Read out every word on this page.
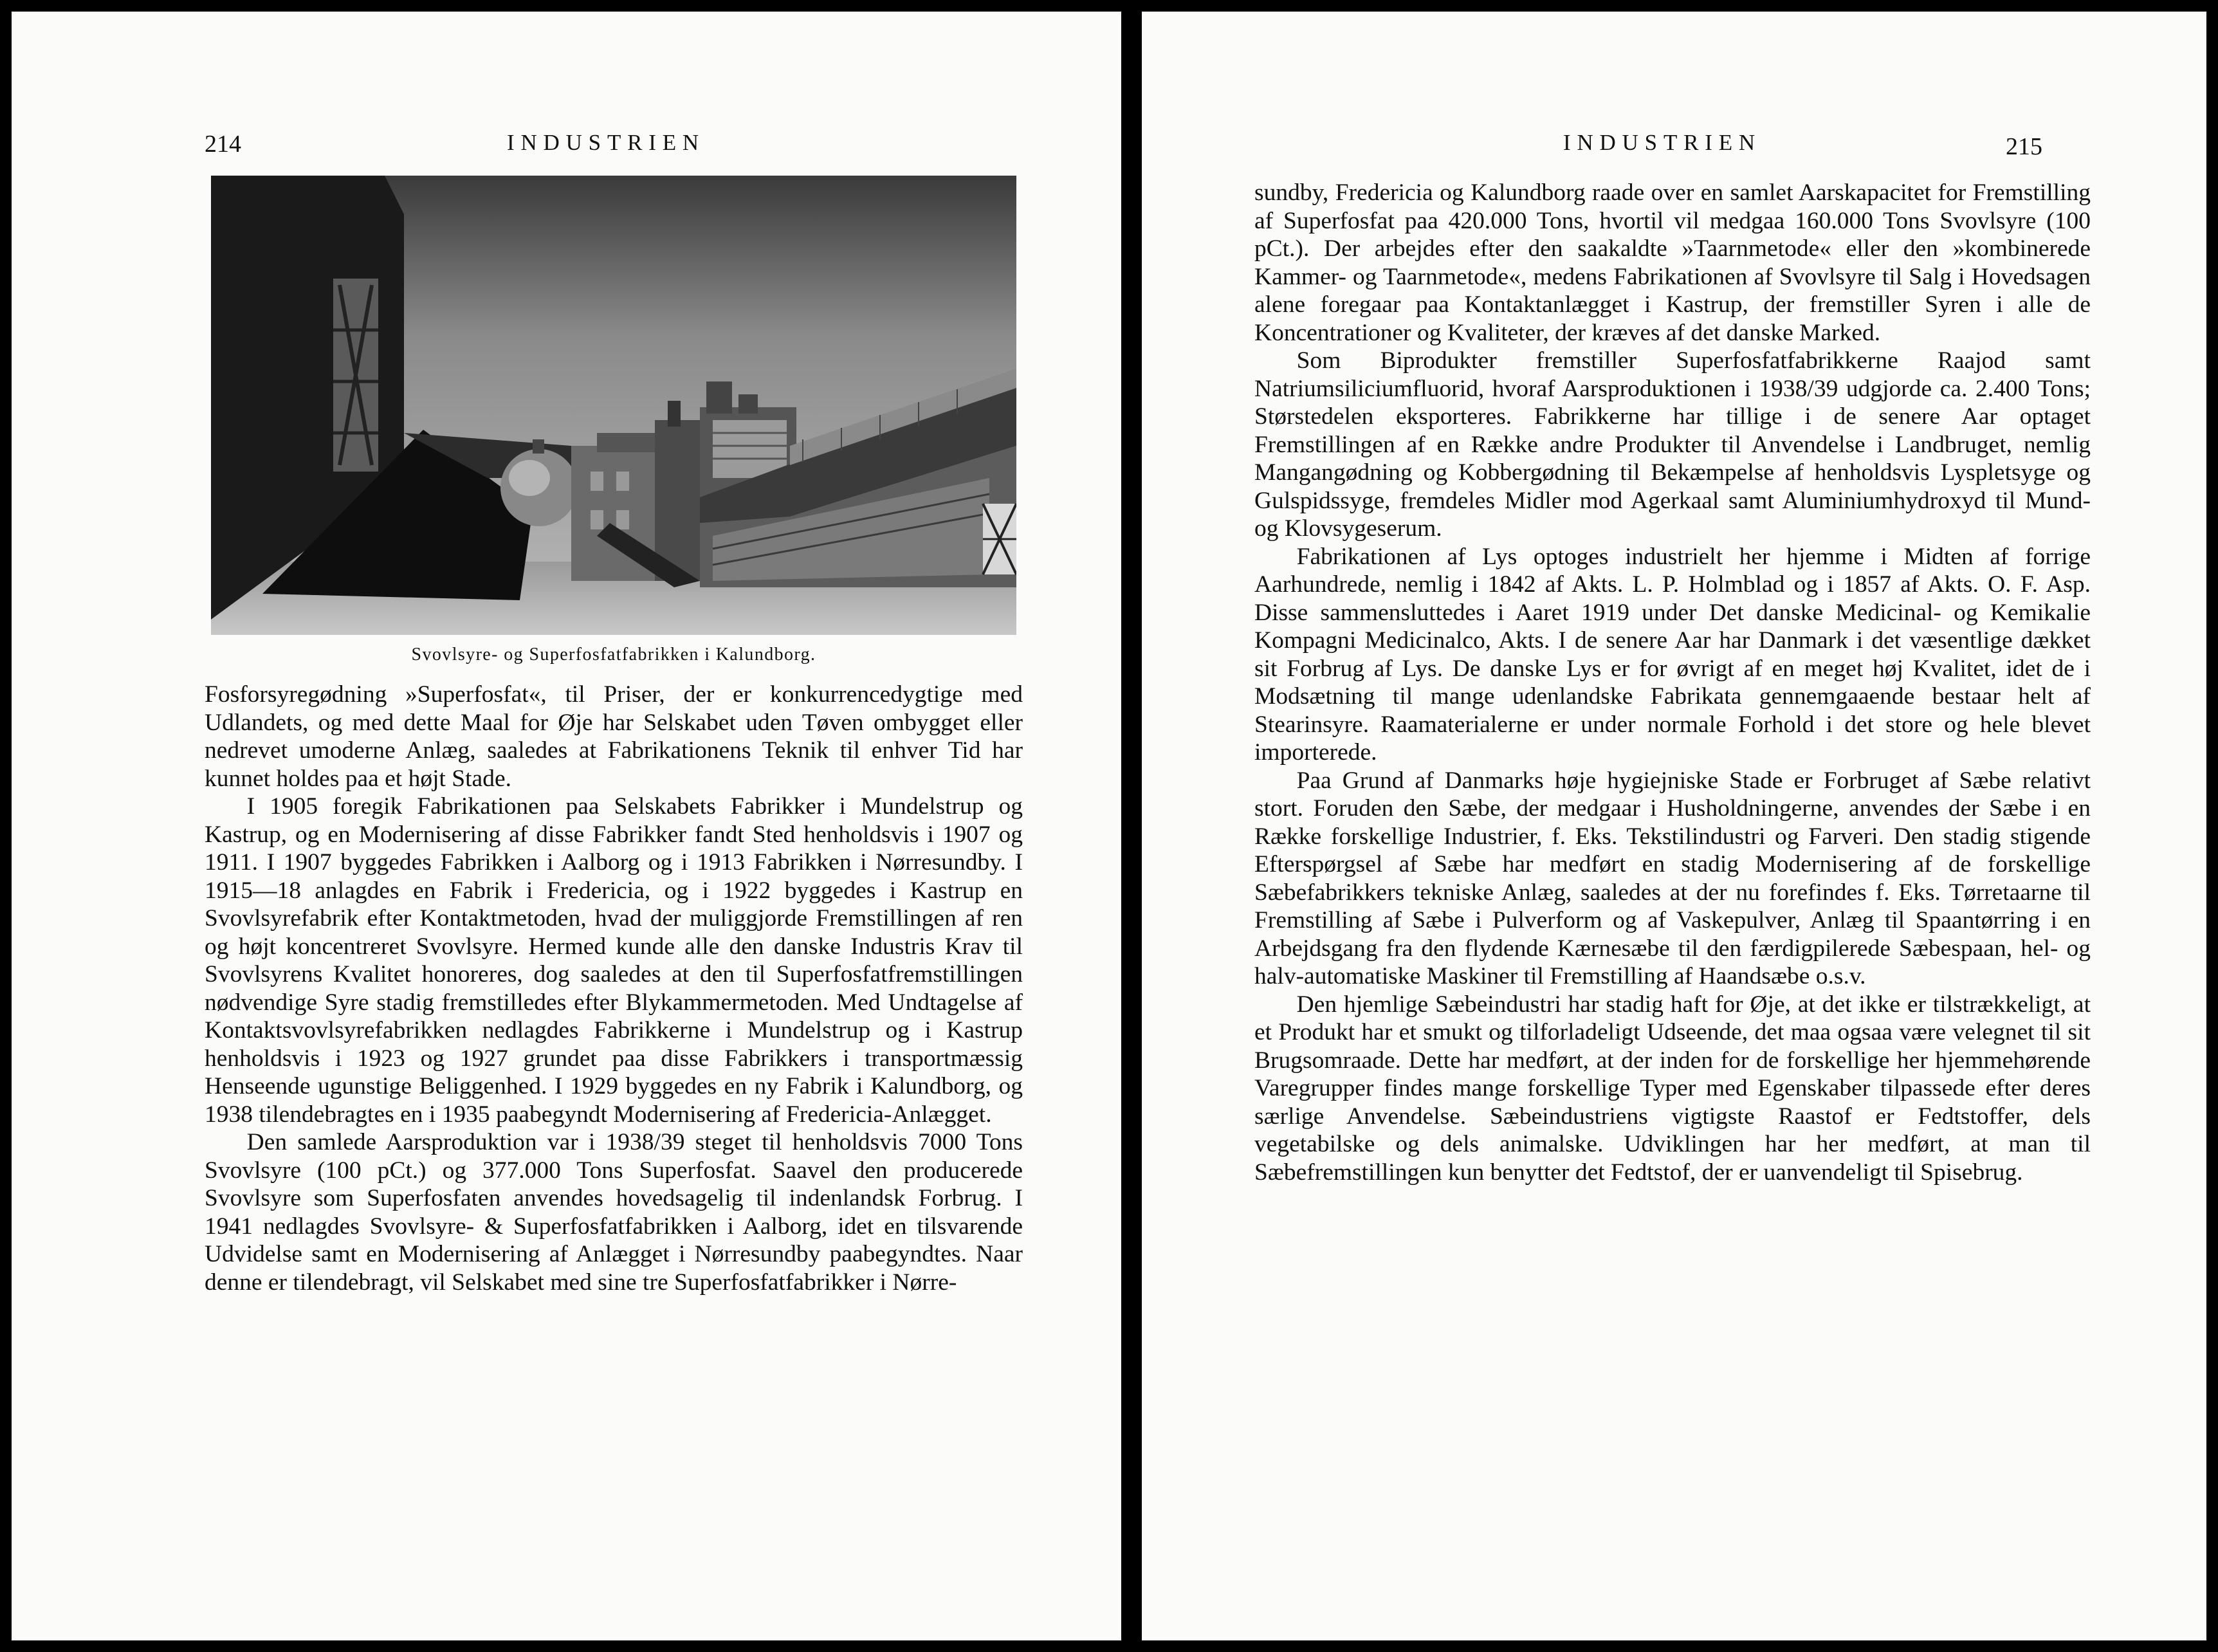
214	INDUSTRIEN
Svovlsyre- og Superfosfatfabrikken i Kalundborg.

Fosforsyregødning »Superfosfat«, til Priser, der er konkurrencedygtige med Udlandets, og med dette Maal for Øje har Selskabet uden Tøven ombygget eller nedrevet umoderne Anlæg, saaledes at Fabrikationens Teknik til enhver Tid har kunnet holdes paa et højt Stade.

I 1905 foregik Fabrikationen paa Selskabets Fabrikker i Mundelstrup og Kastrup, og en Modernisering af disse Fabrikker fandt Sted henholdsvis i 1907 og 1911. I 1907 byggedes Fabrikken i Aalborg og i 1913 Fabrikken i Nørresundby. I 1915—18 anlagdes en Fabrik i Fredericia, og i 1922 byggedes i Kastrup en Svovlsyrefabrik efter Kontaktmetoden, hvad der muliggjorde Fremstillingen af ren og højt koncentreret Svovlsyre. Hermed kunde alle den danske Industris Krav til Svovlsyrens Kvalitet honoreres, dog saaledes at den til Superfosfatfremstillingen nødvendige Syre stadig fremstilledes efter Blykammermetoden. Med Undtagelse af Kontaktsvovlsyrefabrikken nedlagdes Fabrikkerne i Mundelstrup og i Kastrup henholdsvis i 1923 og 1927 grundet paa disse Fabrikkers i transportmæssig Henseende ugunstige Beliggenhed. I 1929 byggedes en ny Fabrik i Kalundborg, og 1938 tilendebragtes en i 1935 paabegyndt Modernisering af Fredericia-Anlægget.

Den samlede Aarsproduktion var i 1938/39 steget til henholdsvis 7000 Tons Svovlsyre (100 pCt.) og 377.000 Tons Superfosfat. Saavel den producerede Svovlsyre som Superfosfaten anvendes hovedsagelig til indenlandsk Forbrug. I 1941 nedlagdes Svovlsyre- & Superfosfatfabrikken i Aalborg, idet en tilsvarende Udvidelse samt en Modernisering af Anlægget i Nørresundby paabegyndtes. Naar denne er tilendebragt, vil Selskabet med sine tre Superfosfatfabrikker i Nørre-

INDUSTRIEN	215

sundby, Fredericia og Kalundborg raade over en samlet Aarskapacitet for Fremstilling af Superfosfat paa 420.000 Tons, hvortil vil medgaa 160.000 Tons Svovlsyre (100 pCt.). Der arbejdes efter den saakaldte »Taarnmetode« eller den »kombinerede Kammer- og Taarnmetode«, medens Fabrikationen af Svovlsyre til Salg i Hovedsagen alene foregaar paa Kontaktanlægget i Kastrup, der fremstiller Syren i alle de Koncentrationer og Kvaliteter, der kræves af det danske Marked.

Som Biprodukter fremstiller Superfosfatfabrikkerne Raajod samt Natriumsiliciumfluorid, hvoraf Aarsproduktionen i 1938/39 udgjorde ca. 2.400 Tons; Størstedelen eksporteres. Fabrikkerne har tillige i de senere Aar optaget Fremstillingen af en Række andre Produkter til Anvendelse i Landbruget, nemlig Mangangødning og Kobbergødning til Bekæmpelse af henholdsvis Lyspletsyge og Gulspidssyge, fremdeles Midler mod Agerkaal samt Aluminiumhydroxyd til Mund- og Klovsygeserum.

Fabrikationen af Lys optoges industrielt her hjemme i Midten af forrige Aarhundrede, nemlig i 1842 af Akts. L. P. Holmblad og i 1857 af Akts. O. F. Asp. Disse sammensluttedes i Aaret 1919 under Det danske Medicinal- og Kemikalie Kompagni Medicinalco, Akts. I de senere Aar har Danmark i det væsentlige dækket sit Forbrug af Lys. De danske Lys er for øvrigt af en meget høj Kvalitet, idet de i Modsætning til mange udenlandske Fabrikata gennemgaaende bestaar helt af Stearinsyre. Raamaterialerne er under normale Forhold i det store og hele blevet importerede.

Paa Grund af Danmarks høje hygiejniske Stade er Forbruget af Sæbe relativt stort. Foruden den Sæbe, der medgaar i Husholdningerne, anvendes der Sæbe i en Række forskellige Industrier, f. Eks. Tekstilindustri og Farveri. Den stadig stigende Efterspørgsel af Sæbe har medført en stadig Modernisering af de forskellige Sæbefabrikkers tekniske Anlæg, saaledes at der nu forefindes f. Eks. Tørretaarne til Fremstilling af Sæbe i Pulverform og af Vaskepulver, Anlæg til Spaantørring i en Arbejdsgang fra den flydende Kærnesæbe til den færdigpilerede Sæbespaan, hel- og halv-automatiske Maskiner til Fremstilling af Haandsæbe o.s.v.

Den hjemlige Sæbeindustri har stadig haft for Øje, at det ikke er tilstrækkeligt, at et Produkt har et smukt og tilforladeligt Udseende, det maa ogsaa være velegnet til sit Brugsomraade. Dette har medført, at der inden for de forskellige her hjemmehørende Varegrupper findes mange forskellige Typer med Egenskaber tilpassede efter deres særlige Anvendelse. Sæbeindustriens vigtigste Raastof er Fedtstoffer, dels vegetabilske og dels animalske. Udviklingen har her medført, at man til Sæbefremstillingen kun benytter det Fedtstof, der er uanvendeligt til Spisebrug.
